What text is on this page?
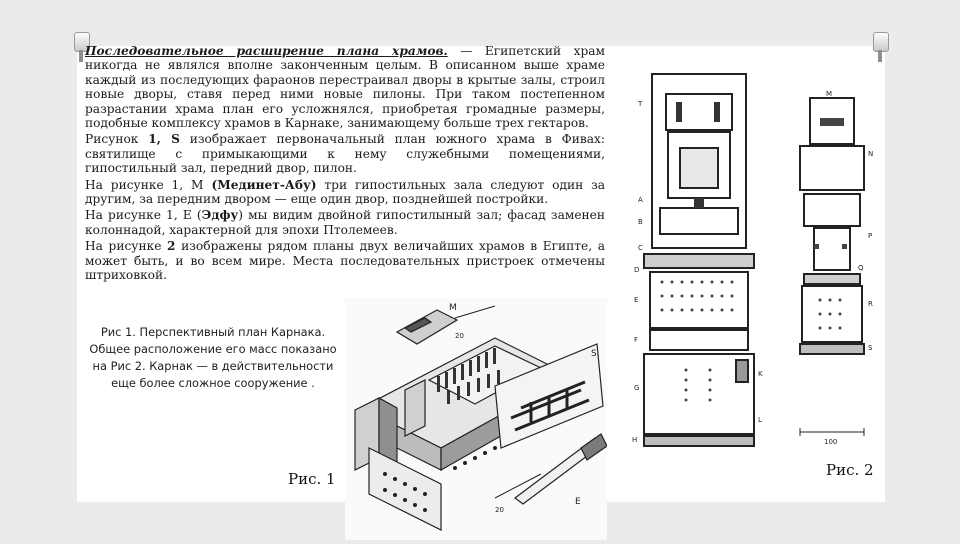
Последовательное расширение плана храмов. — Египетский храм никогда не являлся вполне законченным целым. В описанном выше храме каждый из последующих фараонов перестраивал дворы в крытые залы, строил новые дворы, ставя перед ними новые пилоны. При таком постепенном разрастании храма план его усложнялся, приобретая громадные размеры, подобные комплексу храмов в Карнаке, занимающему больше трех гектаров.

Рисунок 1, S изображает первоначальный план южного храма в Фивах: святилище с примыкающими к нему служебными помещениями, гипостильный зал, передний двор, пилон.

На рисунке 1, М (Мединет-Абу) три гипостильных зала следуют один за другим, за передним двором — еще один двор, позднейшей постройки.

На рисунке 1, Е (Эдфу) мы видим двойной гипостилыный зал; фасад заменен колоннадой, характерной для эпохи Птолемеев.

На рисунке 2 изображены рядом планы двух величайших храмов в Египте, а может быть, и во всем мире. Места последовательных пристроек отмечены штриховкой.

Рис 1. Перспективный план Карнака. Общее расположение его масс показано на Рис 2. Карнак — в действительности еще более сложное сооружение .
Рис. 1	Рис. 2
M
S
20
20
E
T
A
B
C
D
E
F
G
H
M
N
P
Q
R
S
K
L
100
